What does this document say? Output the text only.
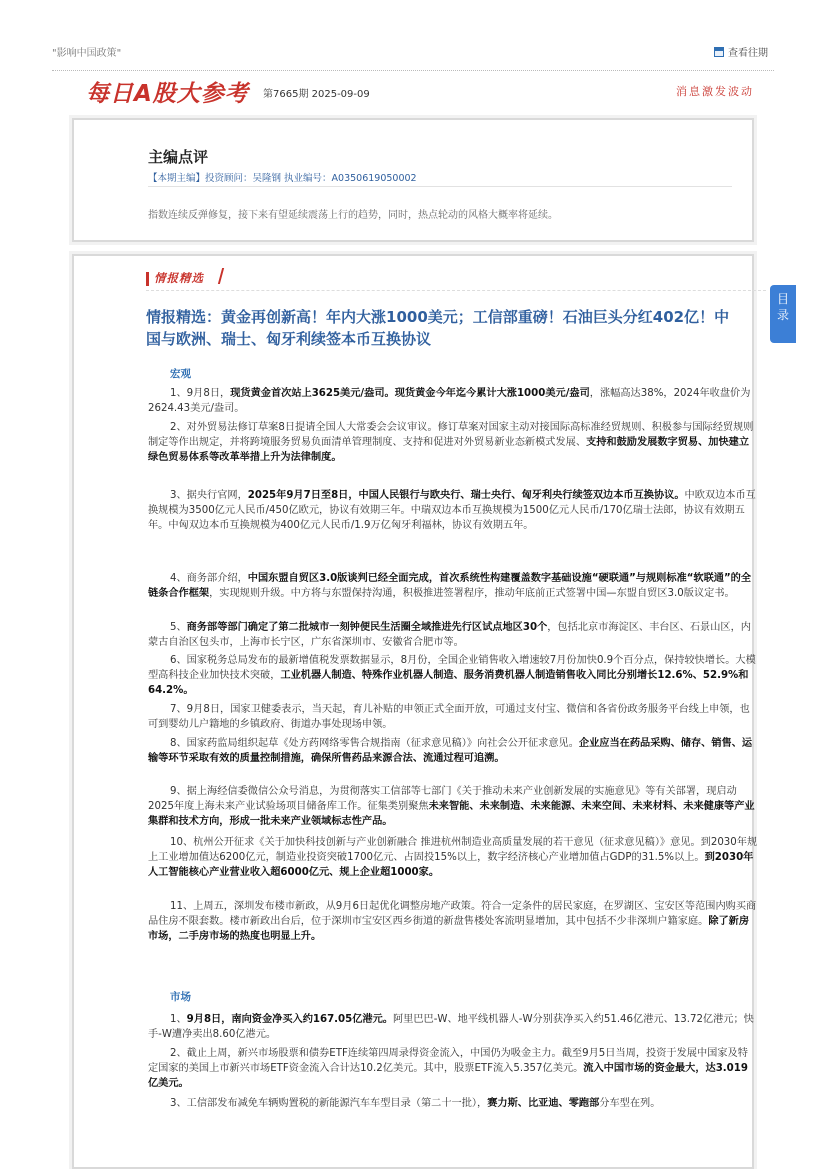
"影响中国政策"	查看往期
每日A股大参考 第7665期 2025-09-09	消息激发波动
主编点评
【本期主编】投资顾问：吴隆钢 执业编号：A0350619050002
指数连续反弹修复，接下来有望延续震荡上行的趋势，同时，热点轮动的风格大概率将延续。
目
录
情报精选
情报精选：黄金再创新高！年内大涨1000美元；工信部重磅！石油巨头分红402亿！中国与欧洲、瑞士、匈牙利续签本币互换协议
宏观
1、9月8日，现货黄金首次站上3625美元/盎司。现货黄金今年迄今累计大涨1000美元/盎司，涨幅高达38%，2024年收盘价为2624.43美元/盎司。
2、对外贸易法修订草案8日提请全国人大常委会会议审议。修订草案对国家主动对接国际高标准经贸规则、积极参与国际经贸规则制定等作出规定，并将跨境服务贸易负面清单管理制度、支持和促进对外贸易新业态新模式发展、支持和鼓励发展数字贸易、加快建立绿色贸易体系等改革举措上升为法律制度。
3、据央行官网，2025年9月7日至8日，中国人民银行与欧央行、瑞士央行、匈牙利央行续签双边本币互换协议。中欧双边本币互换规模为3500亿元人民币/450亿欧元，协议有效期三年。中瑞双边本币互换规模为1500亿元人民币/170亿瑞士法郎，协议有效期五年。中匈双边本币互换规模为400亿元人民币/1.9万亿匈牙利福林，协议有效期五年。
4、商务部介绍，中国东盟自贸区3.0版谈判已经全面完成，首次系统性构建覆盖数字基础设施“硬联通”与规则标准“软联通”的全链条合作框架，实现规则升级。中方将与东盟保持沟通，积极推进签署程序，推动年底前正式签署中国—东盟自贸区3.0版议定书。
5、商务部等部门确定了第二批城市一刻钟便民生活圈全域推进先行区试点地区30个，包括北京市海淀区、丰台区、石景山区，内蒙古自治区包头市，上海市长宁区，广东省深圳市、安徽省合肥市等。
6、国家税务总局发布的最新增值税发票数据显示，8月份，全国企业销售收入增速较7月份加快0.9个百分点，保持较快增长。大模型高科技企业加快技术突破，工业机器人制造、特殊作业机器人制造、服务消费机器人制造销售收入同比分别增长12.6%、52.9%和64.2%。
7、9月8日，国家卫健委表示，当天起，育儿补贴的申领正式全面开放，可通过支付宝、微信和各省份政务服务平台线上申领，也可到婴幼儿户籍地的乡镇政府、街道办事处现场申领。
8、国家药监局组织起草《处方药网络零售合规指南（征求意见稿）》向社会公开征求意见。企业应当在药品采购、储存、销售、运输等环节采取有效的质量控制措施，确保所售药品来源合法、流通过程可追溯。
9、据上海经信委微信公众号消息，为贯彻落实工信部等七部门《关于推动未来产业创新发展的实施意见》等有关部署，现启动2025年度上海未来产业试验场项目储备库工作。征集类别聚焦未来智能、未来制造、未来能源、未来空间、未来材料、未来健康等产业集群和技术方向，形成一批未来产业领域标志性产品。
10、杭州公开征求《关于加快科技创新与产业创新融合 推进杭州制造业高质量发展的若干意见（征求意见稿）》意见。到2030年规上工业增加值达6200亿元，制造业投资突破1700亿元、占固投15%以上，数字经济核心产业增加值占GDP的31.5%以上。到2030年人工智能核心产业营业收入超6000亿元、规上企业超1000家。
11、上周五，深圳发布楼市新政，从9月6日起优化调整房地产政策。符合一定条件的居民家庭，在罗湖区、宝安区等范围内购买商品住房不限套数。楼市新政出台后，位于深圳市宝安区西乡街道的新盘售楼处客流明显增加，其中包括不少非深圳户籍家庭。除了新房市场，二手房市场的热度也明显上升。
市场
1、9月8日，南向资金净买入约167.05亿港元。阿里巴巴-W、地平线机器人-W分别获净买入约51.46亿港元、13.72亿港元；快手-W遭净卖出8.60亿港元。
2、截止上周，新兴市场股票和债券ETF连续第四周录得资金流入，中国仍为吸金主力。截至9月5日当周，投资于发展中国家及特定国家的美国上市新兴市场ETF资金流入合计达10.2亿美元。其中，股票ETF流入5.357亿美元。流入中国市场的资金最大，达3.019亿美元。
3、工信部发布减免车辆购置税的新能源汽车车型目录（第二十一批），赛力斯、比亚迪、零跑部分车型在列。
